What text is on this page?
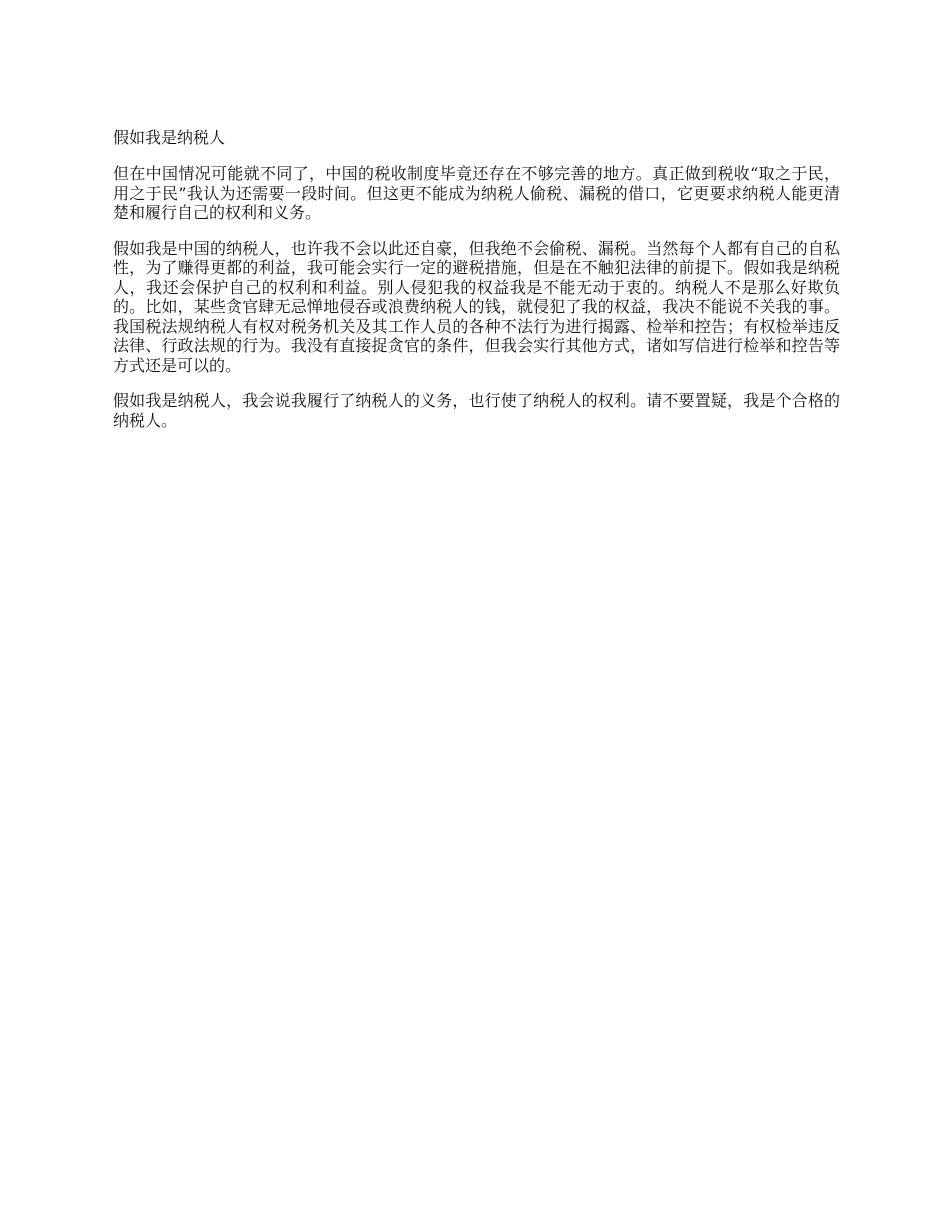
假如我是纳税人

但在中国情况可能就不同了，中国的税收制度毕竟还存在不够完善的地方。真正做到税收“取之于民，用之于民”我认为还需要一段时间。但这更不能成为纳税人偷税、漏税的借口，它更要求纳税人能更清楚和履行自己的权利和义务。

假如我是中国的纳税人，也许我不会以此还自豪，但我绝不会偷税、漏税。当然每个人都有自己的自私性，为了赚得更都的利益，我可能会实行一定的避税措施，但是在不触犯法律的前提下。假如我是纳税人，我还会保护自己的权利和利益。别人侵犯我的权益我是不能无动于衷的。纳税人不是那么好欺负的。比如，某些贪官肆无忌惮地侵吞或浪费纳税人的钱，就侵犯了我的权益，我决不能说不关我的事。我国税法规纳税人有权对税务机关及其工作人员的各种不法行为进行揭露、检举和控告；有权检举违反法律、行政法规的行为。我没有直接捉贪官的条件，但我会实行其他方式，诸如写信进行检举和控告等方式还是可以的。

假如我是纳税人，我会说我履行了纳税人的义务，也行使了纳税人的权利。请不要置疑，我是个合格的纳税人。
